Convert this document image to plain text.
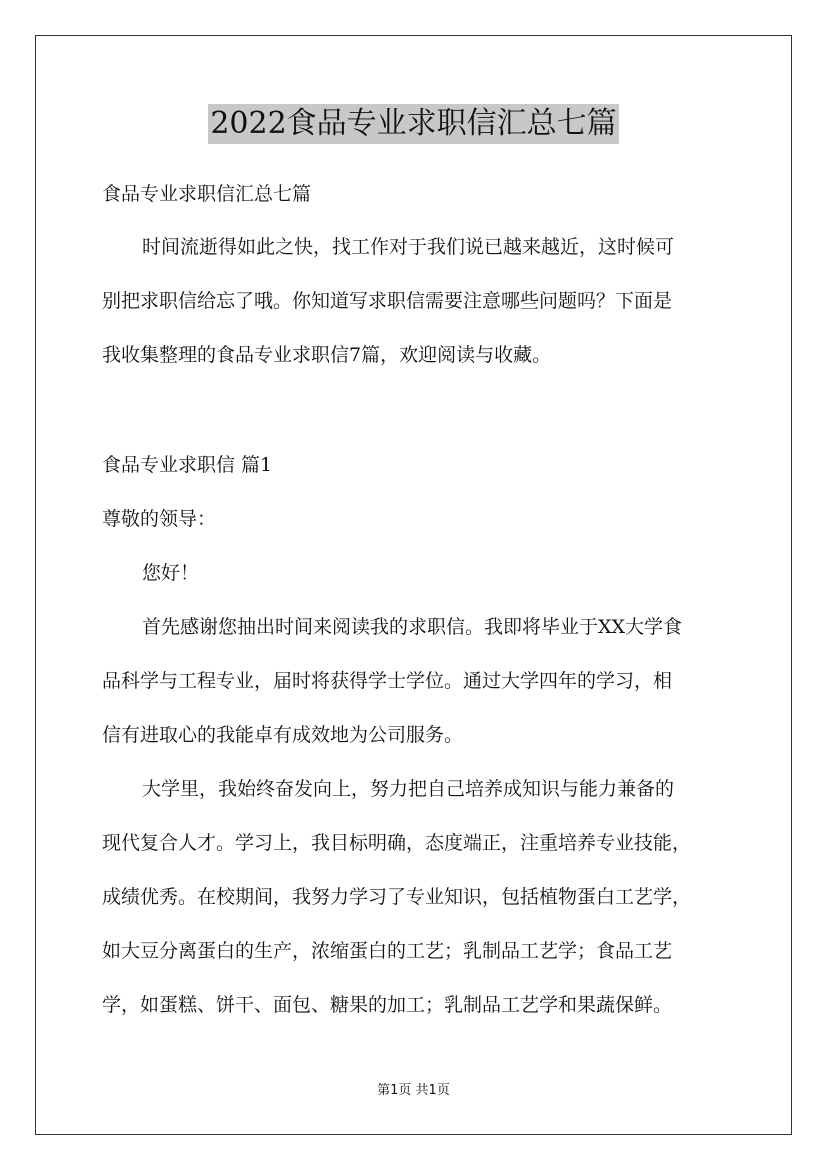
2022食品专业求职信汇总七篇
食品专业求职信汇总七篇
时间流逝得如此之快，找工作对于我们说已越来越近，这时候可
别把求职信给忘了哦。你知道写求职信需要注意哪些问题吗？下面是
我收集整理的食品专业求职信7篇，欢迎阅读与收藏。
食品专业求职信 篇1
尊敬的领导：
您好！
首先感谢您抽出时间来阅读我的求职信。我即将毕业于XX大学食
品科学与工程专业，届时将获得学士学位。通过大学四年的学习，相
信有进取心的我能卓有成效地为公司服务。
大学里，我始终奋发向上，努力把自己培养成知识与能力兼备的
现代复合人才。学习上，我目标明确，态度端正，注重培养专业技能，
成绩优秀。在校期间，我努力学习了专业知识，包括植物蛋白工艺学，
如大豆分离蛋白的生产，浓缩蛋白的工艺；乳制品工艺学；食品工艺
学，如蛋糕、饼干、面包、糖果的加工；乳制品工艺学和果蔬保鲜。
第1页 共1页
